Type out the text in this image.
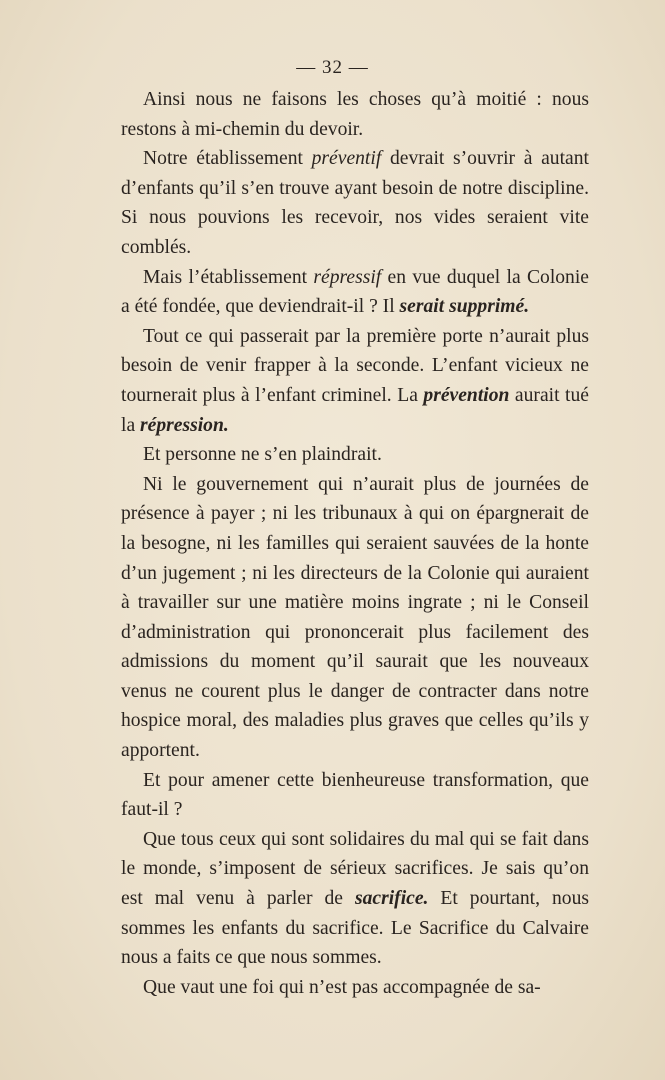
— 32 —

Ainsi nous ne faisons les choses qu’à moitié : nous restons à mi-chemin du devoir.

Notre établissement préventif devrait s’ouvrir à autant d’enfants qu’il s’en trouve ayant besoin de notre discipline. Si nous pouvions les recevoir, nos vides seraient vite comblés.

Mais l’établissement répressif en vue duquel la Colonie a été fondée, que deviendrait-il ? Il serait supprimé.

Tout ce qui passerait par la première porte n’aurait plus besoin de venir frapper à la seconde. L’enfant vicieux ne tournerait plus à l’enfant criminel. La prévention aurait tué la répression.

Et personne ne s’en plaindrait.

Ni le gouvernement qui n’aurait plus de journées de présence à payer ; ni les tribunaux à qui on épargnerait de la besogne, ni les familles qui seraient sauvées de la honte d’un jugement ; ni les directeurs de la Colonie qui auraient à travailler sur une matière moins ingrate ; ni le Conseil d’administration qui prononcerait plus facilement des admissions du moment qu’il saurait que les nouveaux venus ne courent plus le danger de contracter dans notre hospice moral, des maladies plus graves que celles qu’ils y apportent.

Et pour amener cette bienheureuse transformation, que faut-il ?

Que tous ceux qui sont solidaires du mal qui se fait dans le monde, s’imposent de sérieux sacrifices. Je sais qu’on est mal venu à parler de sacrifice. Et pourtant, nous sommes les enfants du sacrifice. Le Sacrifice du Calvaire nous a faits ce que nous sommes.

Que vaut une foi qui n’est pas accompagnée de sa-
